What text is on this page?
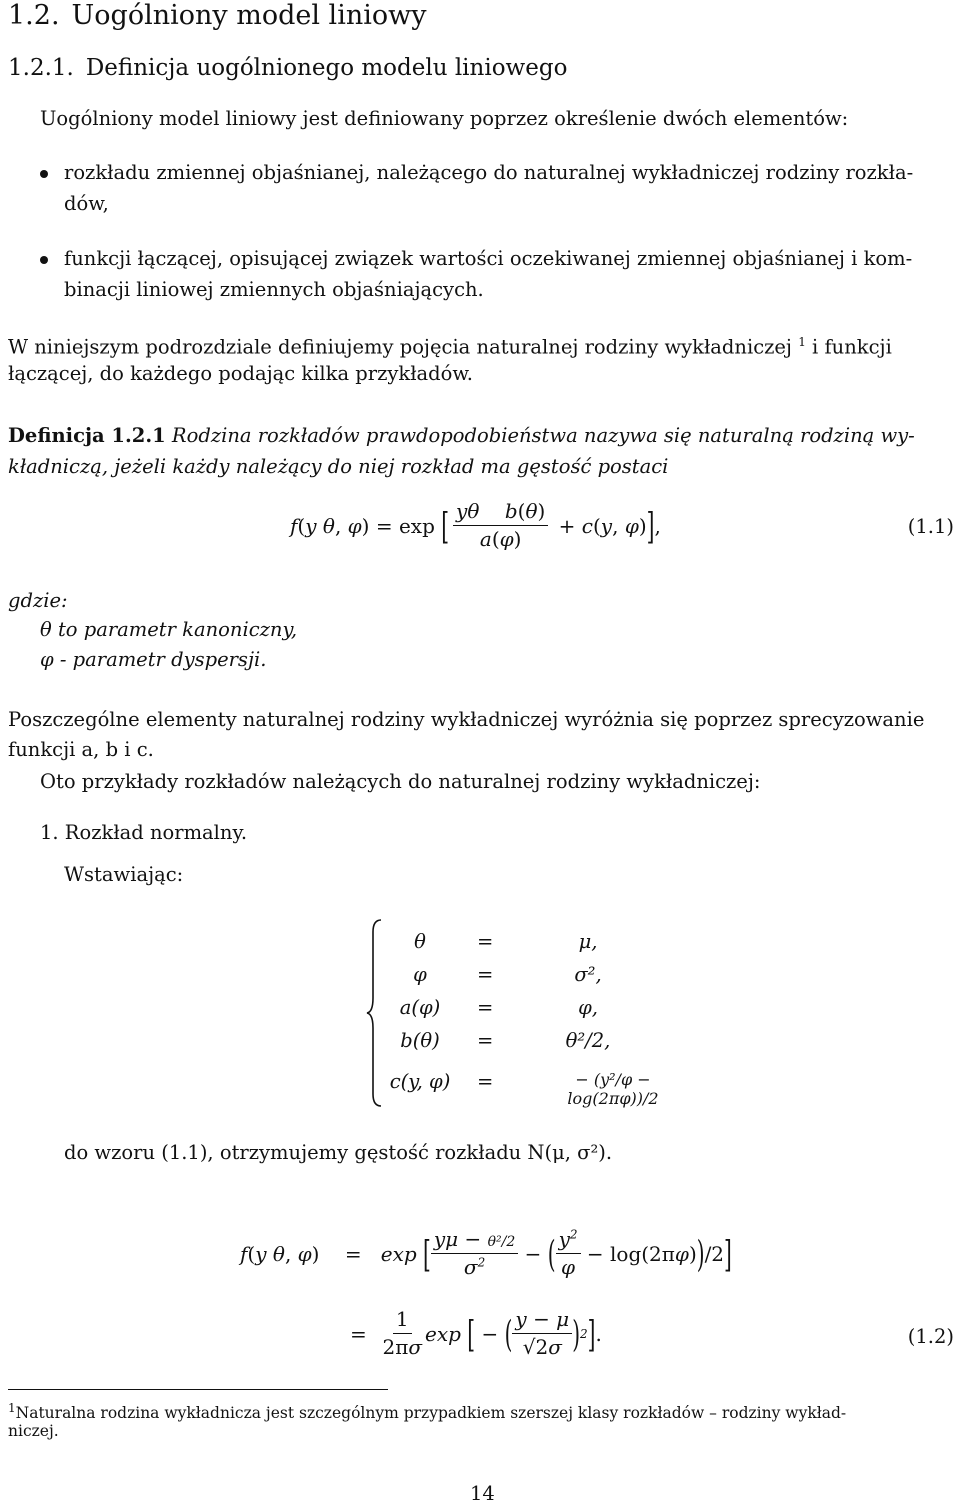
1.2. Uogólniony model liniowy
1.2.1. Definicja uogólnionego modelu liniowego
Uogólniony model liniowy jest definiowany poprzez określenie dwóch elementów:
rozkładu zmiennej objaśnianej, należącego do naturalnej wykładniczej rodziny rozkła-
dów,
funkcji łączącej, opisującej związek wartości oczekiwanej zmiennej objaśnianej i kom-
binacji liniowej zmiennych objaśniających.
W niniejszym podrozdziale definiujemy pojęcia naturalnej rodziny wykładniczej $^1$ i funkcji
łączącej, do każdego podając kilka przykładów.
Definicja 1.2.1 Rodzina rozkładów prawdopodobieństwa nazywa się naturalną rodziną wy-
kładniczą, jeżeli każdy należący do niej rozkład ma gęstość postaci
f ( y
θ , φ ) = exp [ $\frac{\text{yθ    b(θ)}}{a(\varphi)} + c$ ( y , φ ) ] ,	(1.1)
gdzie:
θ to parametr kanoniczny,
φ - parametr dyspersji.
Poszczególne elementy naturalnej rodziny wykładniczej wyróżnia się poprzez sprecyzowanie
funkcji a, b i c.
Oto przykłady rozkładów należących do naturalnej rodziny wykładniczej:
1. Rozkład normalny.
Wstawiając:
θ	=	μ,
φ	=	σ²,
a(φ)	=	φ,
b(θ)	=	θ²/2,
c(y, φ) =	− (y²/φ − log(2πφ))/2
do wzoru (1.1), otrzymujemy gęstość rozkładu N(μ, σ²).
f ( y
θ , φ )    = exp
[ $\frac{\text{yμ − θ²/2}}{\sigma^2}$ − ( $\frac{y^2}{\varphi} - \log(2\pi$ φ ) ) /2 ]
= $\frac{1}{2\pi\sigma}$ exp
[ − ( $\frac{y - \mu}{√2\sigma}$ ) 2 ] .	(1.2)
$^1$Naturalna rodzina wykładnicza jest szczególnym przypadkiem szerszej klasy rozkładów – rodziny wykład-
niczej.
14
